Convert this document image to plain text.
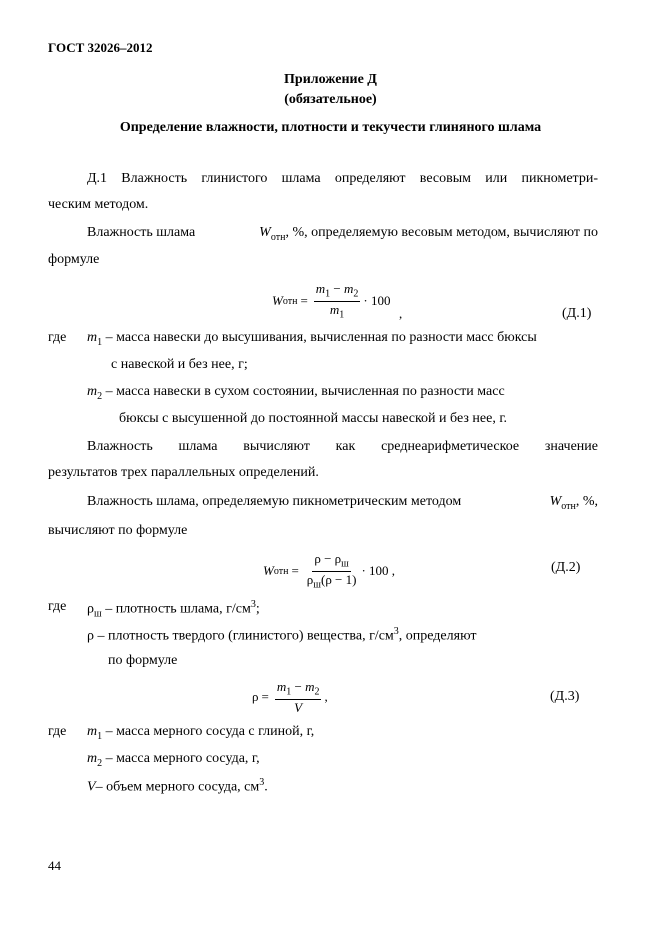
ГОСТ 32026–2012
Приложение Д
(обязательное)
Определение влажности, плотности и текучести глиняного шлама
Д.1 Влажность глинистого шлама определяют весовым или пикнометри-
ческим методом.
Влажность шлама	$W_{отн}$, %, определяемую весовым методом, вычисляют по
формуле
W отн = $\frac{m_1 - m_2}{m_1} \cdot 100$
,	(Д.1)
где $m_1$ – масса навески до высушивания, вычисленная по разности масс бюксы
с навеской и без нее, г;
$m_2$ – масса навески в сухом состоянии, вычисленная по разности масс
бюксы с высушенной до постоянной массы навеской и без нее, г.
Влажность шлама вычисляют как среднеарифметическое значение
результатов трех параллельных определений.
Влажность шлама, определяемую пикнометрическим методом	$W_{отн}$, %,
вычисляют по формуле
W отн = $\frac{\rho - \rho_ш}{\rho_ш(\rho - 1)} \cdot 100$ ,	(Д.2)
где $\rho_ш$ – плотность шлама, $г/см^3$;
ρ – плотность твердого (глинистого) вещества, $г/см^3$, определяют
по формуле
$\rho = \frac{m_1 - m_2}{V}$ ,	(Д.3)
где $m_1$ – масса мерного сосуда с глиной, г,
$m_2$ – масса мерного сосуда, г,
V– объем мерного сосуда, $см^3$.
44
